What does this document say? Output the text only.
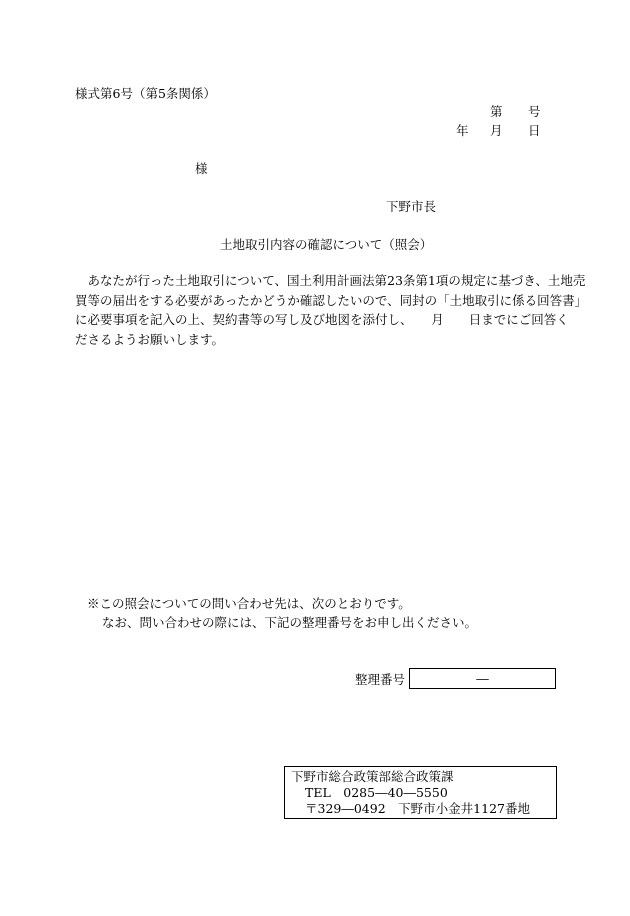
様式第6号（第5条関係）
第 号
年 月 日
様
下野市長
土地取引内容の確認について（照会）
　あなたが行った土地取引について、国土利用計画法第23条第1項の規定に基づき、土地売
買等の届出をする必要があったかどうか確認したいので、同封の「土地取引に係る回答書」
に必要事項を記入の上、契約書等の写し及び地図を添付し、　　月　　日までにご回答く
ださるようお願いします。
※この照会についての問い合わせ先は、次のとおりです。
なお、問い合わせの際には、下記の整理番号をお申し出ください。
整理番号	―
下野市総合政策部総合政策課
TEL　0285―40―5550
〒329―0492　下野市小金井1127番地
